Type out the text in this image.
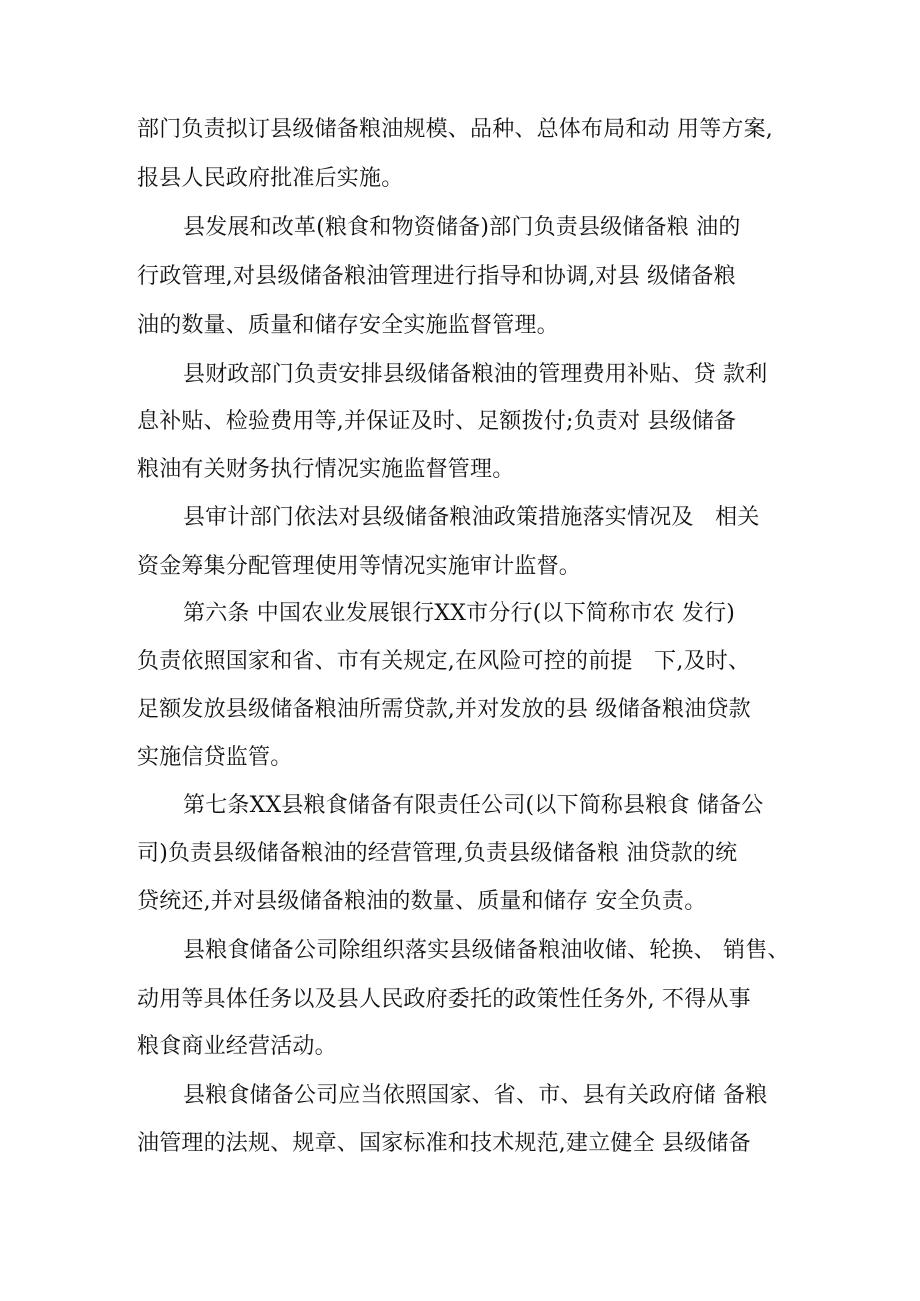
部门负责拟订县级储备粮油规模、品种、总体布局和动 用等方案,

报县人民政府批准后实施。

县发展和改革(粮食和物资储备)部门负责县级储备粮 油的

行政管理,对县级储备粮油管理进行指导和协调,对县 级储备粮

油的数量、质量和储存安全实施监督管理。

县财政部门负责安排县级储备粮油的管理费用补贴、贷 款利

息补贴、检验费用等,并保证及时、足额拨付;负责对 县级储备

粮油有关财务执行情况实施监督管理。

县审计部门依法对县级储备粮油政策措施落实情况及   相关

资金筹集分配管理使用等情况实施审计监督。

第六条 中国农业发展银行XX市分行(以下简称市农 发行)

负责依照国家和省、市有关规定,在风险可控的前提   下,及时、

足额发放县级储备粮油所需贷款,并对发放的县 级储备粮油贷款

实施信贷监管。

第七条XX县粮食储备有限责任公司(以下简称县粮食 储备公

司)负责县级储备粮油的经营管理,负责县级储备粮 油贷款的统

贷统还,并对县级储备粮油的数量、质量和储存 安全负责。

县粮食储备公司除组织落实县级储备粮油收储、轮换、 销售、

动用等具体任务以及县人民政府委托的政策性任务外, 不得从事

粮食商业经营活动。

县粮食储备公司应当依照国家、省、市、县有关政府储 备粮

油管理的法规、规章、国家标准和技术规范,建立健全 县级储备
